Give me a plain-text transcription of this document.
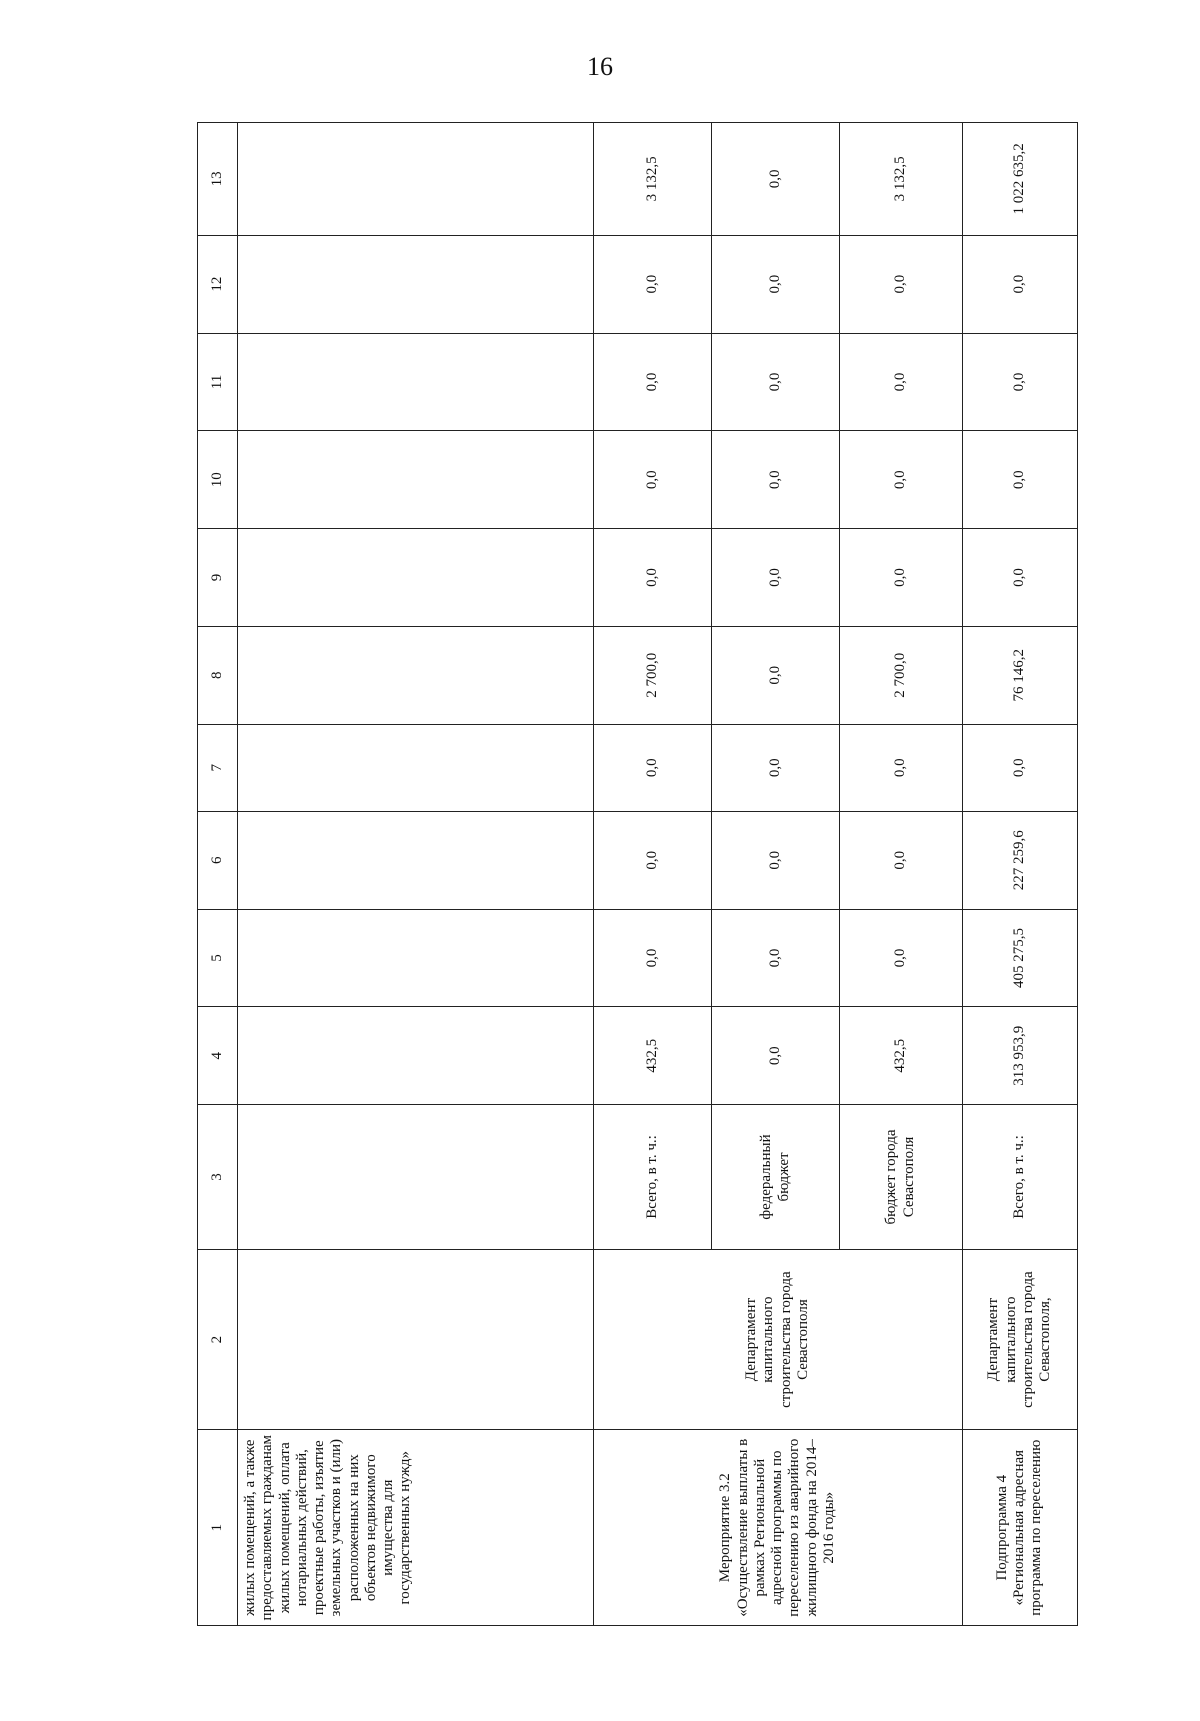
16
1	2	3	4	5	6	7	8	9	10	11	12	13
жилых помещений, а также предоставляемых гражданам жилых помещений, оплата нотариальных действий, проектные работы, изъятие земельных участков и (или) расположенных на них объектов недвижимого имущества для государственных нужд»												
Мероприятие 3.2 «Осуществление выплаты в рамках Региональной адресной программы по переселению из аварийного жилищного фонда на 2014–2016 годы»	Департамент капитального строительства города Севастополя	Всего, в т. ч.:	432,5	0,0	0,0	0,0	2 700,0	0,0	0,0	0,0	0,0	3 132,5
		федеральный бюджет	0,0	0,0	0,0	0,0	0,0	0,0	0,0	0,0	0,0	0,0
		бюджет города Севастополя	432,5	0,0	0,0	0,0	2 700,0	0,0	0,0	0,0	0,0	3 132,5
Подпрограмма 4 «Региональная адресная программа по переселению	Департамент капитального строительства города Севастополя,	Всего, в т. ч.:	313 953,9	405 275,5	227 259,6	0,0	76 146,2	0,0	0,0	0,0	0,0	1 022 635,2
